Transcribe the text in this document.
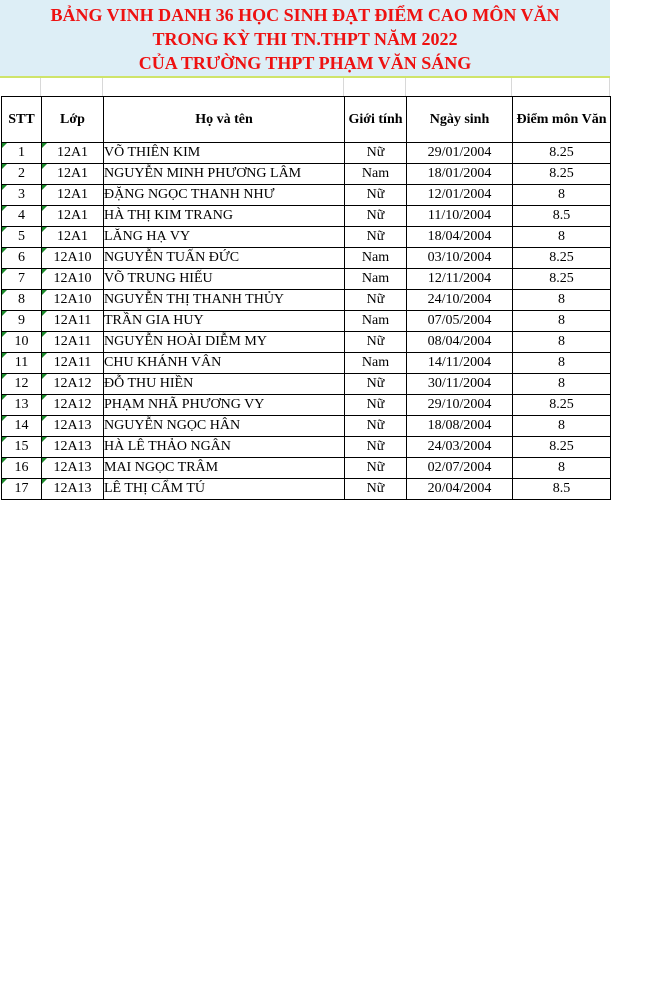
BẢNG VINH DANH 36 HỌC SINH ĐẠT ĐIỂM CAO MÔN VĂN
TRONG KỲ THI TN.THPT NĂM 2022
CỦA TRƯỜNG THPT PHẠM VĂN SÁNG
STT	Lớp	Họ và tên	Giới tính	Ngày sinh	Điểm môn Văn
1	12A1	VÕ THIÊN KIM	Nữ	29/01/2004	8.25
2	12A1	NGUYỄN MINH PHƯƠNG LÂM	Nam	18/01/2004	8.25
3	12A1	ĐẶNG NGỌC THANH NHƯ	Nữ	12/01/2004	8
4	12A1	HÀ THỊ KIM TRANG	Nữ	11/10/2004	8.5
5	12A1	LĂNG HẠ VY	Nữ	18/04/2004	8
6	12A10	NGUYỄN TUẤN ĐỨC	Nam	03/10/2004	8.25
7	12A10	VÕ TRUNG HIẾU	Nam	12/11/2004	8.25
8	12A10	NGUYỄN THỊ THANH THỦY	Nữ	24/10/2004	8
9	12A11	TRẦN GIA HUY	Nam	07/05/2004	8
10	12A11	NGUYỄN HOÀI DIỄM MY	Nữ	08/04/2004	8
11	12A11	CHU KHÁNH VÂN	Nam	14/11/2004	8
12	12A12	ĐỖ THU HIỀN	Nữ	30/11/2004	8
13	12A12	PHẠM NHÃ PHƯƠNG VY	Nữ	29/10/2004	8.25
14	12A13	NGUYỄN NGỌC HÂN	Nữ	18/08/2004	8
15	12A13	HÀ LÊ THẢO NGÂN	Nữ	24/03/2004	8.25
16	12A13	MAI NGỌC TRÂM	Nữ	02/07/2004	8
17	12A13	LÊ THỊ CẨM TÚ	Nữ	20/04/2004	8.5
